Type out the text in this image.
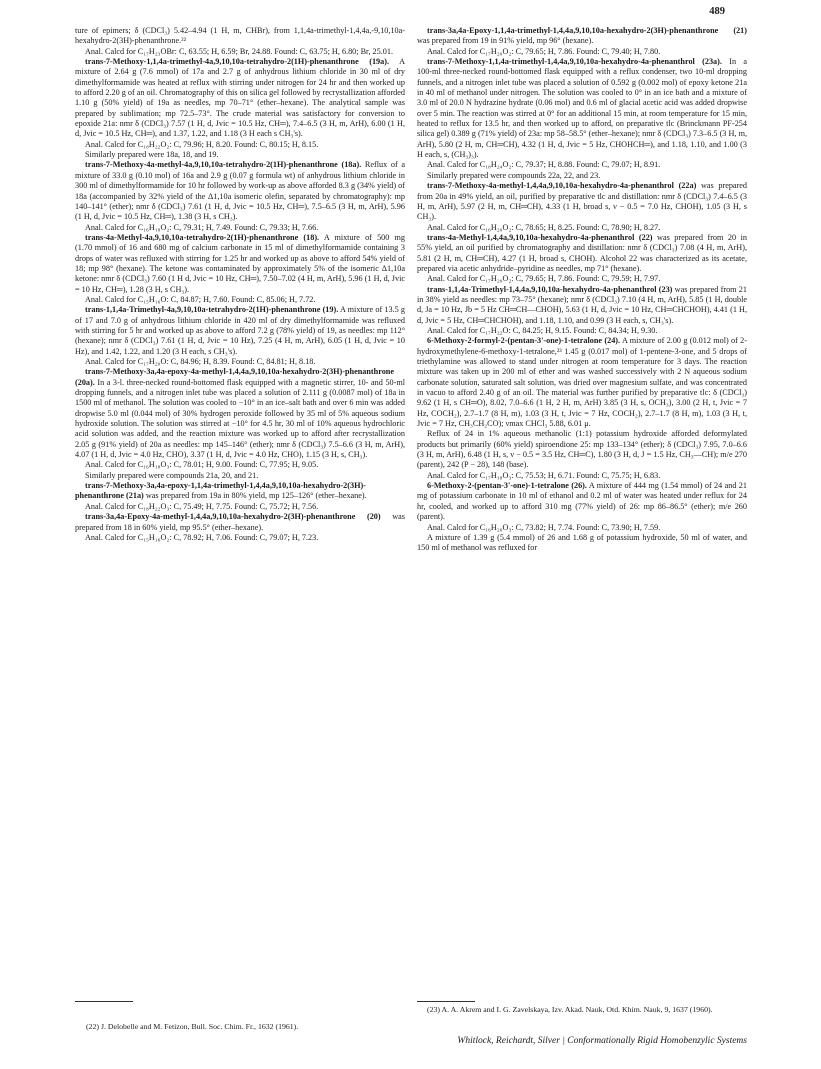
489

ture of epimers; δ (CDCl₃) 5.42–4.94 (1 H, m, CHBr), from 1,1,4a-trimethyl-1,4,4a,-9,10,10a-hexahydro-2(3H)-phenanthrone.²²

Anal. Calcd for C₁₇H₂₃OBr: C, 63.55; H, 6.59; Br, 24.88. Found: C, 63.75; H, 6.80; Br, 25.01.

trans-7-Methoxy-1,1,4a-trimethyl-4a,9,10,10a-tetrahydro-2(1H)-phenanthrone (19a). A mixture of 2.64 g (7.6 mmol) of 17a and 2.7 g of anhydrous lithium chloride in 30 ml of dry dimethylformamide was heated at reflux with stirring under nitrogen for 24 hr and then worked up to afford 2.20 g of an oil. Chromatography of this on silica gel followed by recrystallization afforded 1.10 g (50% yield) of 19a as needles, mp 70–71° (ether–hexane). The analytical sample was prepared by sublimation; mp 72.5–73°. The crude material was satisfactory for conversion to epoxide 21a: nmr δ (CDCl₃) 7.57 (1 H, d, Jvic = 10.5 Hz, CH═), 7.4–6.5 (3 H, m, ArH), 6.00 (1 H, d, Jvic = 10.5 Hz, CH═), and 1.37, 1.22, and 1.18 (3 H each s CH₃'s).

Anal. Calcd for C₁₈H₂₂O₂: C, 79.96; H, 8.20. Found: C, 80.15; H, 8.15.

Similarly prepared were 18a, 18, and 19.

trans-7-Methoxy-4a-methyl-4a,9,10,10a-tetrahydro-2(1H)-phenanthrone (18a). Reflux of a mixture of 33.0 g (0.10 mol) of 16a and 2.9 g (0.07 g formula wt) of anhydrous lithium chloride in 300 ml of dimethylformamide for 10 hr followed by work-up as above afforded 8.3 g (34% yield) of 18a (accompanied by 32% yield of the Δ1,10a isomeric olefin, separated by chromatography): mp 140–141° (ether); nmr δ (CDCl₃) 7.61 (1 H, d, Jvic = 10.5 Hz, CH═), 7.5–6.5 (3 H, m, ArH), 5.96 (1 H, d, Jvic = 10.5 Hz, CH═), 1.38 (3 H, s CH₃).

Anal. Calcd for C₁₆H₁₈O₂: C, 79.31; H, 7.49. Found: C, 79.33; H, 7.66.

trans-4a-Methyl-4a,9,10,10a-tetrahydro-2(1H)-phenanthrone (18). A mixture of 500 mg (1.70 mmol) of 16 and 680 mg of calcium carbonate in 15 ml of dimethylformamide containing 3 drops of water was refluxed with stirring for 1.25 hr and worked up as above to afford 54% yield of 18; mp 98° (hexane). The ketone was contaminated by approximately 5% of the isomeric Δ1,10a ketone: nmr δ (CDCl₃) 7.60 (1 H d, Jvic = 10 Hz, CH═), 7.50–7.02 (4 H, m, ArH), 5.96 (1 H, d, Jvic = 10 Hz, CH═), 1.28 (3 H, s CH₃).

Anal. Calcd for C₁₅H₁₆O: C, 84.87; H, 7.60. Found: C, 85.06; H, 7.72.

trans-1,1,4a-Trimethyl-4a,9,10,10a-tetrahydro-2(1H)-phenanthrone (19). A mixture of 13.5 g of 17 and 7.0 g of anhydrous lithium chloride in 420 ml of dry dimethylformamide was refluxed with stirring for 5 hr and worked up as above to afford 7.2 g (78% yield) of 19, as needles: mp 112° (hexane); nmr δ (CDCl₃) 7.61 (1 H, d, Jvic = 10 Hz), 7.25 (4 H, m, ArH), 6.05 (1 H, d, Jvic = 10 Hz), and 1.42, 1.22, and 1.20 (3 H each, s CH₃'s).

Anal. Calcd for C₁₇H₂₀O: C, 84.96; H, 8.39. Found: C, 84.81; H, 8.18.

trans-7-Methoxy-3a,4a-epoxy-4a-methyl-1,4,4a,9,10,10a-hexahydro-2(3H)-phenanthrone (20a). In a 3-l. three-necked round-bottomed flask equipped with a magnetic stirrer, 10- and 50-ml dropping funnels, and a nitrogen inlet tube was placed a solution of 2.111 g (0.0087 mol) of 18a in 1500 ml of methanol. The solution was cooled to −10° in an ice–salt bath and over 6 min was added dropwise 5.0 ml (0.044 mol) of 30% hydrogen peroxide followed by 35 ml of 5% aqueous sodium hydroxide solution. The solution was stirred at −10° for 4.5 hr, 30 ml of 10% aqueous hydrochloric acid solution was added, and the reaction mixture was worked up to afford after recrystallization 2.05 g (91% yield) of 20a as needles: mp 145–146° (ether); nmr δ (CDCl₃) 7.5–6.6 (3 H, m, ArH), 4.07 (1 H, d, Jvic = 4.0 Hz, CHO), 3.37 (1 H, d, Jvic = 4.0 Hz, CHO), 1.15 (3 H, s, CH₃).

Anal. Calcd for C₁₆H₁₈O₃: C, 78.01; H, 9.00. Found: C, 77.95; H, 9.05.

Similarly prepared were compounds 21a, 20, and 21.

trans-7-Methoxy-3a,4a-epoxy-1,1,4a-trimethyl-1,4,4a,9,10,10a-hexahydro-2(3H)-phenanthrone (21a) was prepared from 19a in 80% yield, mp 125–126° (ether–hexane).

Anal. Calcd for C₁₈H₂₂O₃: C, 75.49; H, 7.75. Found: C, 75.72; H, 7.56.

trans-3a,4a-Epoxy-4a-methyl-1,4,4a,9,10,10a-hexahydro-2(3H)-phenanthrone (20) was prepared from 18 in 60% yield, mp 95.5° (ether–hexane).

Anal. Calcd for C₁₅H₁₆O₂: C, 78.92; H, 7.06. Found: C, 79.07; H, 7.23.

trans-3a,4a-Epoxy-1,1,4a-trimethyl-1,4,4a,9,10,10a-hexahydro-2(3H)-phenanthrone (21) was prepared from 19 in 91% yield, mp 96° (hexane).

Anal. Calcd for C₁₇H₂₀O₂: C, 79.65; H, 7.86. Found: C, 79.40; H, 7.80.

trans-7-Methoxy-1,1,4a-trimethyl-1,4,4a,9,10,10a-hexahydro-4a-phenanthrol (23a). In a 100-ml three-necked round-bottomed flask equipped with a reflux condenser, two 10-ml dropping funnels, and a nitrogen inlet tube was placed a solution of 0.592 g (0.002 mol) of epoxy ketone 21a in 40 ml of methanol under nitrogen. The solution was cooled to 0° in an ice bath and a mixture of 3.0 ml of 20.0 N hydrazine hydrate (0.06 mol) and 0.6 ml of glacial acetic acid was added dropwise over 5 min. The reaction was stirred at 0° for an additional 15 min, at room temperature for 15 min, heated to reflux for 13.5 hr, and then worked up to afford, on preparative tlc (Brinckmann PF-254 silica gel) 0.389 g (71% yield) of 23a: mp 58–58.5° (ether–hexane); nmr δ (CDCl₃) 7.3–6.5 (3 H, m, ArH), 5.80 (2 H, m, CH═CH), 4.32 (1 H, d, Jvic = 5 Hz, CHOHCH═), and 1.18, 1.10, and 1.00 (3 H each, s, (CH₃)₃).

Anal. Calcd for C₁₈H₂₄O₂: C, 79.37; H, 8.88. Found: C, 79.07; H, 8.91.

Similarly prepared were compounds 22a, 22, and 23.

trans-7-Methoxy-4a-methyl-1,4,4a,9,10,10a-hexahydro-4a-phenanthrol (22a) was prepared from 20a in 49% yield, an oil, purified by preparative tlc and distillation: nmr δ (CDCl₃) 7.4–6.5 (3 H, m, ArH), 5.97 (2 H, m, CH═CH), 4.33 (1 H, broad s, ν − 0.5 = 7.0 Hz, CHOH), 1.05 (3 H, s CH₃).

Anal. Calcd for C₁₆H₂₀O₂: C, 78.65; H, 8.25. Found: C, 78.90; H, 8.27.

trans-4a-Methyl-1,4,4a,9,10,10a-hexahydro-4a-phenanthrol (22) was prepared from 20 in 55% yield, an oil purified by chromatography and distillation: nmr δ (CDCl₃) 7.08 (4 H, m, ArH), 5.81 (2 H, m, CH═CH), 4.27 (1 H, broad s, CHOH). Alcohol 22 was characterized as its acetate, prepared via acetic anhydride–pyridine as needles, mp 71° (hexane).

Anal. Calcd for C₁₇H₂₀O₂: C, 79.65; H, 7.86. Found: C, 79.59; H, 7.97.

trans-1,1,4a-Trimethyl-1,4,4a,9,10,10a-hexahydro-4a-phenanthrol (23) was prepared from 21 in 38% yield as needles: mp 73–75° (hexane); nmr δ (CDCl₃) 7.10 (4 H, m, ArH), 5.85 (1 H, double d, Ja = 10 Hz, Jb = 5 Hz CH═CH—CHOH), 5.63 (1 H, d, Jvic = 10 Hz, CH═CHCHOH), 4.41 (1 H, d, Jvic = 5 Hz, CH═CHCHOH), and 1.18, 1.10, and 0.99 (3 H each, s, CH₃'s).

Anal. Calcd for C₁₇H₂₂O: C, 84.25; H, 9.15. Found: C, 84.34; H, 9.30.

6-Methoxy-2-formyl-2-(pentan-3'-one)-1-tetralone (24). A mixture of 2.00 g (0.012 mol) of 2-hydroxymethylene-6-methoxy-1-tetralone,²³ 1.45 g (0.017 mol) of 1-pentene-3-one, and 5 drops of triethylamine was allowed to stand under nitrogen at room temperature for 3 days. The reaction mixture was taken up in 200 ml of ether and was washed successively with 2 N aqueous sodium carbonate solution, saturated salt solution, was dried over magnesium sulfate, and was concentrated in vacuo to afford 2.40 g of an oil. The material was further purified by preparative tlc: δ (CDCl₃) 9.62 (1 H, s CH═O), 8.02, 7.0–6.6 (1 H, 2 H, m, ArH) 3.85 (3 H, s, OCH₃), 3.00 (2 H, t, Jvic = 7 Hz, COCH₂), 2.7–1.7 (8 H, m), 1.03 (3 H, t, Jvic = 7 Hz, COCH₂), 2.7–1.7 (8 H, m), 1.03 (3 H, t, Jvic = 7 Hz, CH₃CH₂CO); νmax CHCl₃ 5.88, 6.01 μ.

Reflux of 24 in 1% aqueous methanolic (1:1) potassium hydroxide afforded deformylated products but primarily (60% yield) spiroendione 25: mp 133–134° (ether); δ (CDCl₃) 7.95, 7.0–6.6 (3 H, m, ArH), 6.48 (1 H, s, ν − 0.5 = 3.5 Hz, CH═C), 1.80 (3 H, d, J = 1.5 Hz, CH₃—CH); m/e 270 (parent), 242 (P − 28), 148 (base).

Anal. Calcd for C₁₇H₁₈O₃: C, 75.53; H, 6.71. Found: C, 75.75; H, 6.83.

6-Methoxy-2-(pentan-3'-one)-1-tetralone (26). A mixture of 444 mg (1.54 mmol) of 24 and 21 mg of potassium carbonate in 10 ml of ethanol and 0.2 ml of water was heated under reflux for 24 hr, cooled, and worked up to afford 310 mg (77% yield) of 26: mp 86–86.5° (ether); m/e 260 (parent).

Anal. Calcd for C₁₆H₂₀O₃: C, 73.82; H, 7.74. Found: C, 73.90; H, 7.59.

A mixture of 1.39 g (5.4 mmol) of 26 and 1.68 g of potassium hydroxide, 50 ml of water, and 150 ml of methanol was refluxed for

(22) J. Delobelle and M. Fetizon, Bull. Soc. Chim. Fr., 1632 (1961).
(23) A. A. Akrem and I. G. Zavelskaya, Izv. Akad. Nauk, Otd. Khim. Nauk, 9, 1637 (1960).
Whitlock, Reichardt, Silver | Conformationally Rigid Homobenzylic Systems
